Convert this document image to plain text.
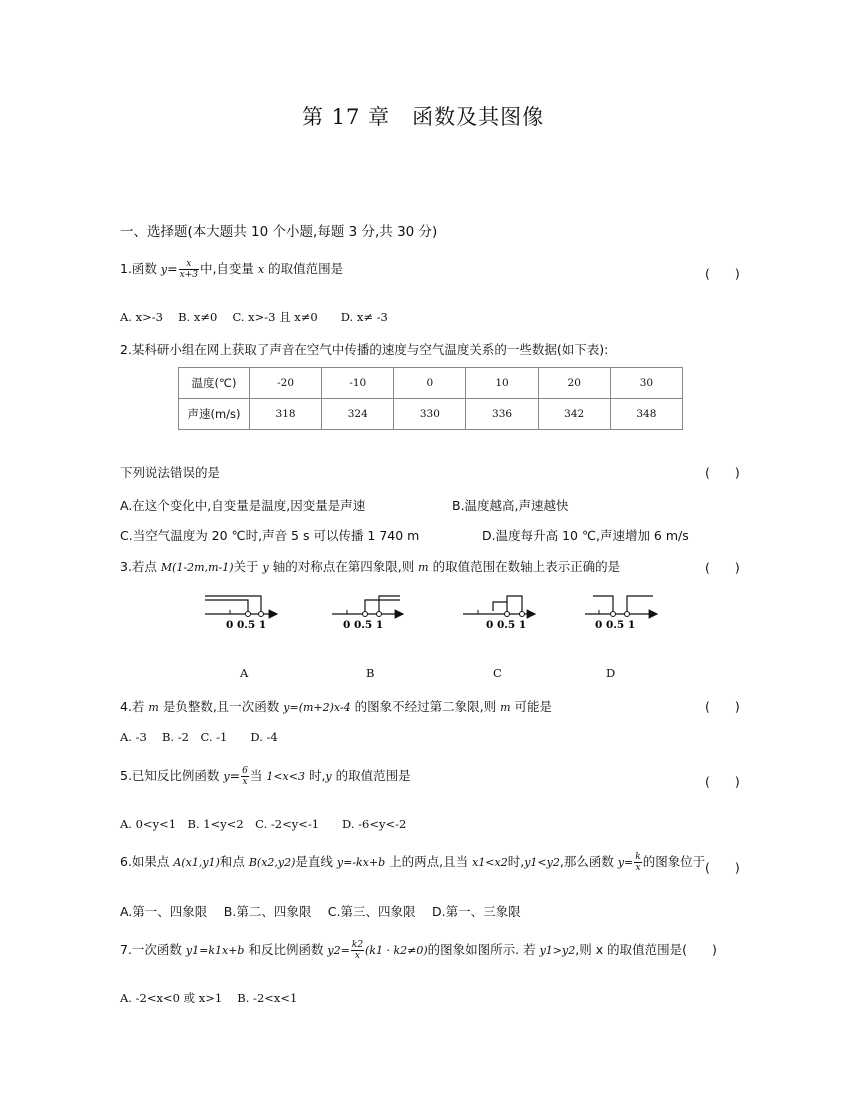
第 17 章　函数及其图像
一、选择题(本大题共 10 个小题,每题 3 分,共 30 分)
1.函数 $y= \frac{x}{x+3}$ 中,自变量 x 的取值范围是	(　　)
A. x>-3　 B. x≠0　 C. x>-3 且 x≠0　　D. x≠ -3
2.某科研小组在网上获取了声音在空气中传播的速度与空气温度关系的一些数据(如下表):
温度(℃)	-20	-10	0	10	20	30
声速(m/s)	318	324	330	336	342	348
下列说法错误的是	(　　)
A.在这个变化中,自变量是温度,因变量是声速	B.温度越高,声速越快
C.当空气温度为 20 ℃时,声音 5 s 可以传播 1 740 m	D.温度每升高 10 ℃,声速增加 6 m/s
3.若点 M(1-2m,m-1)关于 y 轴的对称点在第四象限,则 m 的取值范围在数轴上表示正确的是	(　　)
0 0.5 1	0 0.5 1	0 0.5 1	0 0.5 1
A	B	C	D
4.若 m 是负整数,且一次函数 y=(m+2)x-4 的图象不经过第二象限,则 m 可能是	(　　)
A. -3　 B. -2　C. -1　　D. -4
5.已知反比例函数 $y= \frac{6}{x}$ 当 1<x<3 时,y 的取值范围是	(　　)
A. 0<y<1　B. 1<y<2　C. -2<y<-1　　D. -6<y<-2
6.如果点 A(x1,y1)和点 B(x2,y2)是直线 y=-kx+b 上的两点,且当 x1<x2时,y1<y2,那么函数 $y= \frac{k}{x}$ 的图象位于 (　　)
A.第一、四象限　 B.第二、四象限　 C.第三、四象限　 D.第一、三象限
7.一次函数 y1=k1x+b 和反比例函数 $y2= \frac{k2}{x} (k1 \cdot k2\ne 0)$的图象如图所示. 若 y1>y2,则 x 的取值范围是(　　)
A. -2<x<0 或 x>1　 B. -2<x<1
